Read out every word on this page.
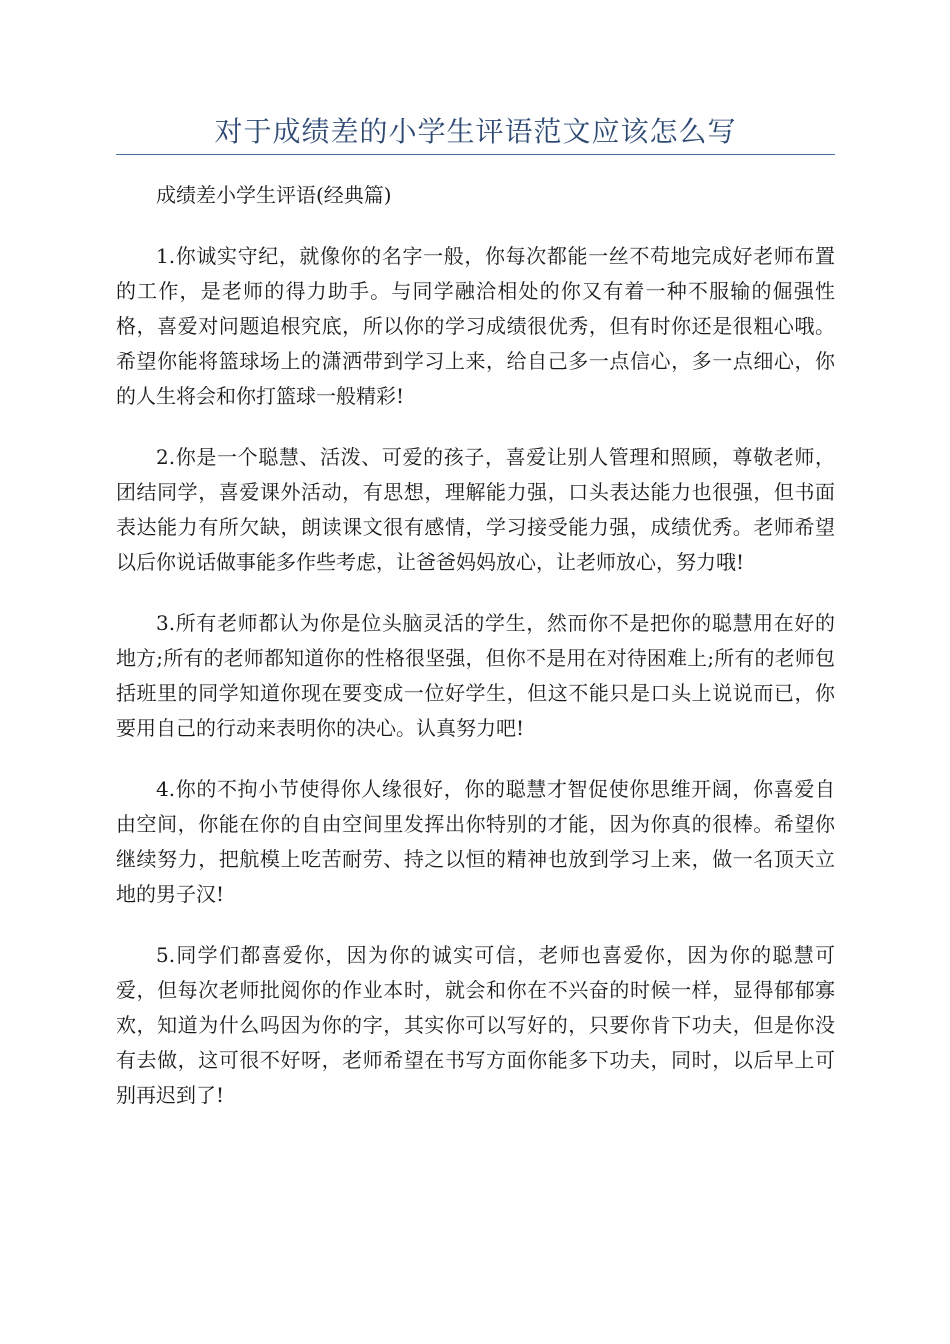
对于成绩差的小学生评语范文应该怎么写

成绩差小学生评语(经典篇)

1.你诚实守纪，就像你的名字一般，你每次都能一丝不苟地完成好老师布置的工作，是老师的得力助手。与同学融洽相处的你又有着一种不服输的倔强性格，喜爱对问题追根究底，所以你的学习成绩很优秀，但有时你还是很粗心哦。希望你能将篮球场上的潇洒带到学习上来，给自己多一点信心，多一点细心，你的人生将会和你打篮球一般精彩!

2.你是一个聪慧、活泼、可爱的孩子，喜爱让别人管理和照顾，尊敬老师，团结同学，喜爱课外活动，有思想，理解能力强，口头表达能力也很强，但书面表达能力有所欠缺，朗读课文很有感情，学习接受能力强，成绩优秀。老师希望以后你说话做事能多作些考虑，让爸爸妈妈放心，让老师放心，努力哦!

3.所有老师都认为你是位头脑灵活的学生，然而你不是把你的聪慧用在好的地方;所有的老师都知道你的性格很坚强，但你不是用在对待困难上;所有的老师包括班里的同学知道你现在要变成一位好学生，但这不能只是口头上说说而已，你要用自己的行动来表明你的决心。认真努力吧!

4.你的不拘小节使得你人缘很好，你的聪慧才智促使你思维开阔，你喜爱自由空间，你能在你的自由空间里发挥出你特别的才能，因为你真的很棒。希望你继续努力，把航模上吃苦耐劳、持之以恒的精神也放到学习上来，做一名顶天立地的男子汉!

5.同学们都喜爱你，因为你的诚实可信，老师也喜爱你，因为你的聪慧可爱，但每次老师批阅你的作业本时，就会和你在不兴奋的时候一样，显得郁郁寡欢，知道为什么吗因为你的字，其实你可以写好的，只要你肯下功夫，但是你没有去做，这可很不好呀，老师希望在书写方面你能多下功夫，同时，以后早上可别再迟到了!
